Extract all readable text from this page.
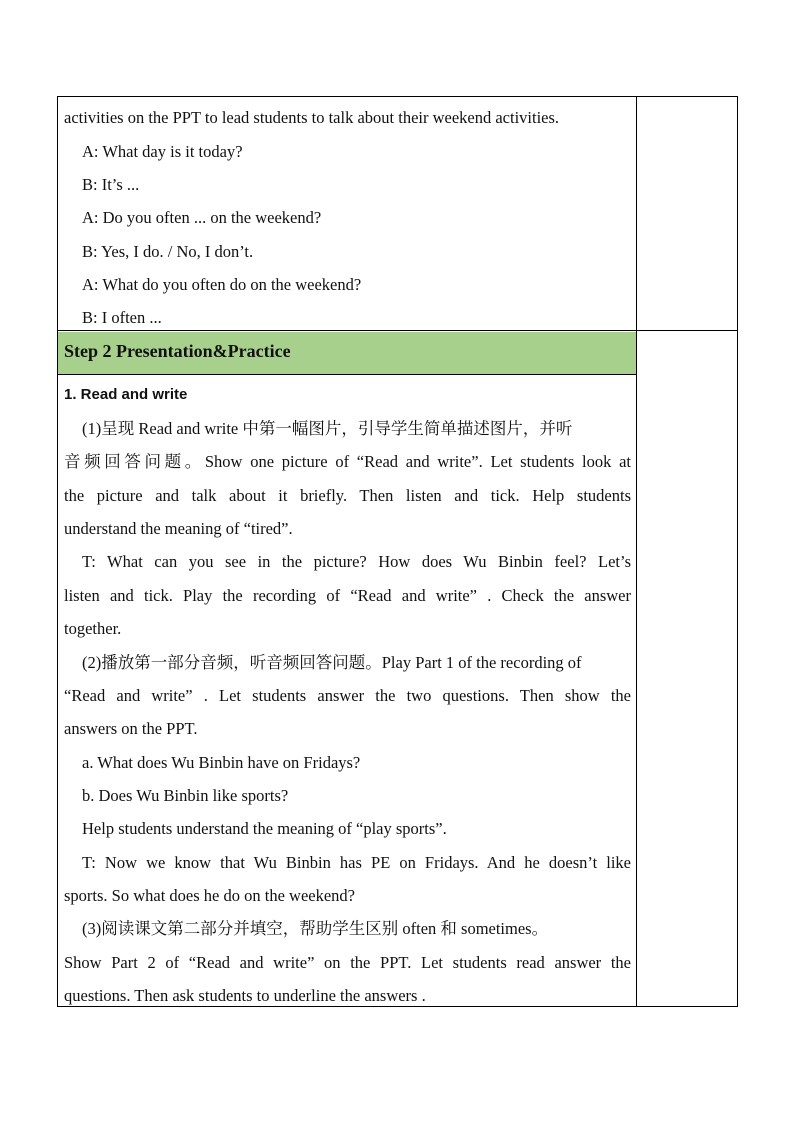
activities on the PPT to lead students to talk about their weekend activities.
A: What day is it today?
B: It’s ...
A: Do you often ... on the weekend?
B: Yes, I do. / No, I don’t.
A: What do you often do on the weekend?
B: I often ...
Step 2 Presentation&Practice
1. Read and write
(1)呈现 Read and write 中第一幅图片，引导学生简单描述图片，并听
音频回答问题。Show one picture of “Read and write”. Let students look at
the picture and talk about it briefly. Then listen and tick. Help students
understand the meaning of “tired”.
T: What can you see in the picture? How does Wu Binbin feel? Let’s
listen and tick. Play the recording of “Read and write” . Check the answer
together.
(2)播放第一部分音频，听音频回答问题。Play Part 1 of the recording of
“Read and write” . Let students answer the two questions. Then show the
answers on the PPT.
a. What does Wu Binbin have on Fridays?
b. Does Wu Binbin like sports?
Help students understand the meaning of “play sports”.
T: Now we know that Wu Binbin has PE on Fridays. And he doesn’t like
sports. So what does he do on the weekend?
(3)阅读课文第二部分并填空，帮助学生区别 often 和 sometimes。
Show Part 2 of “Read and write” on the PPT. Let students read answer the
questions. Then ask students to underline the answers .
